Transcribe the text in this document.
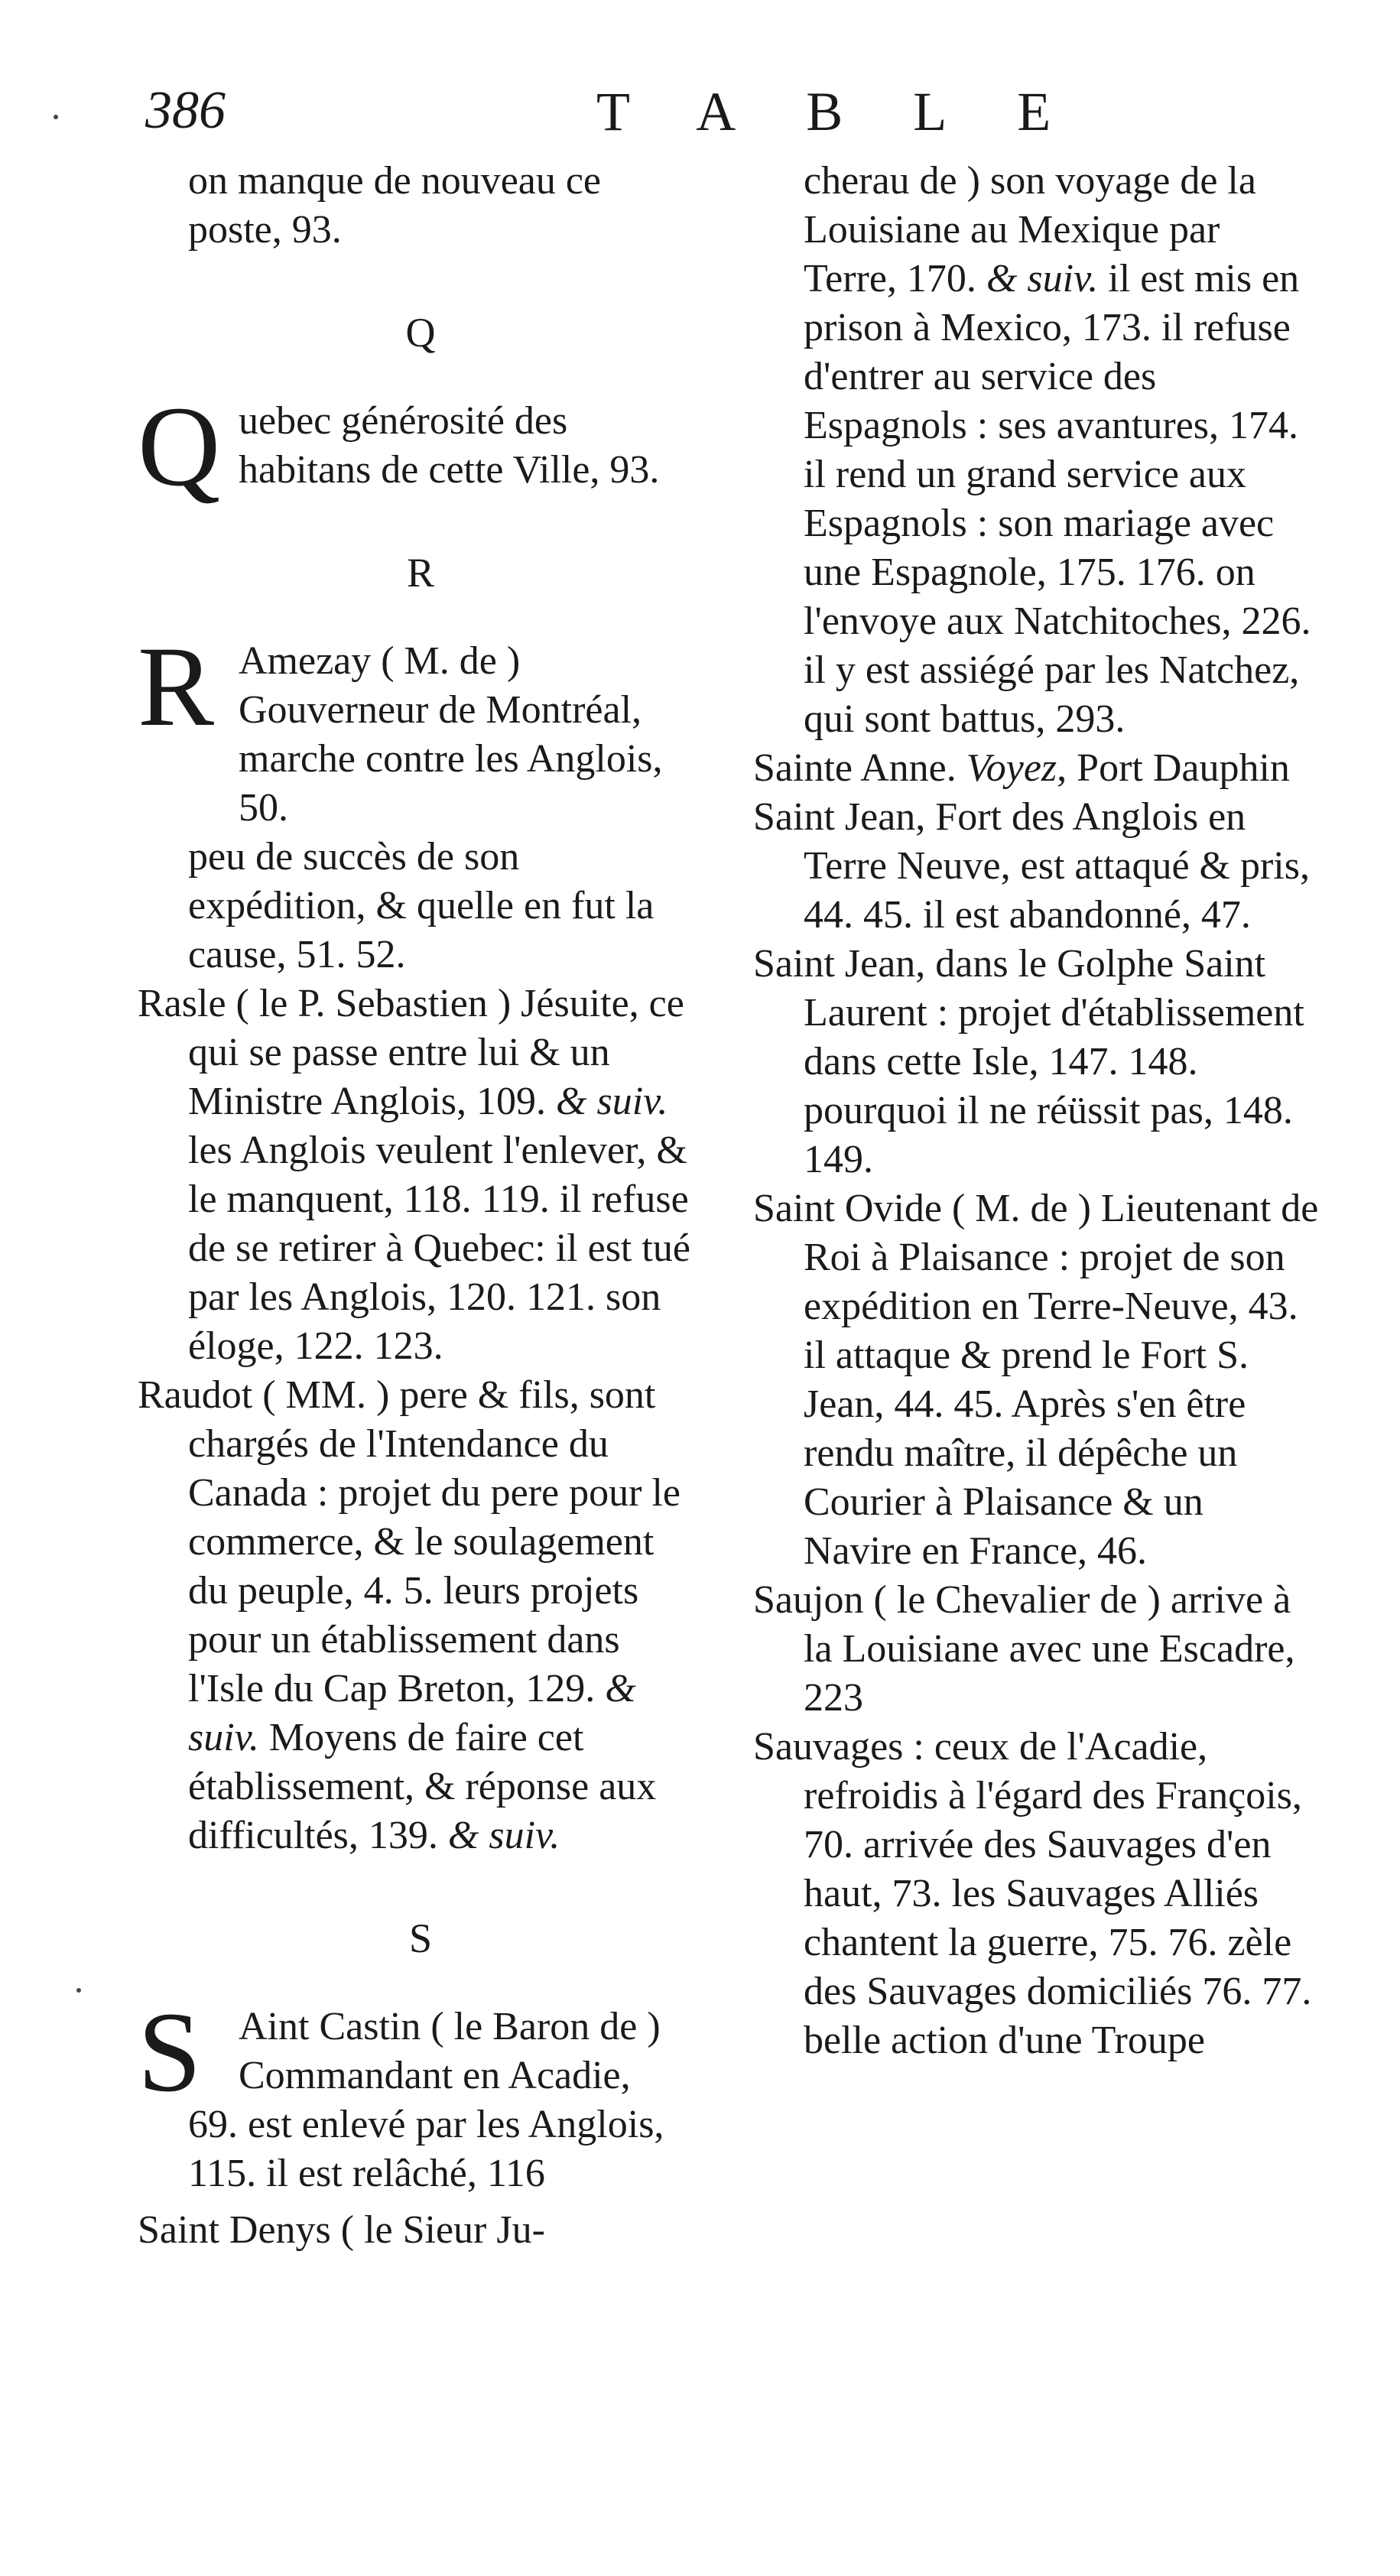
386	TABLE

on manque de nouveau ce poste, 93.

Q
Q uebec générosité des habitans de cette Ville, 93.
R
R Amezay ( M. de ) Gouverneur de Montréal, marche contre les Anglois, 50.
peu de succès de son expédition, & quelle en fut la cause, 51. 52.

Rasle ( le P. Sebastien ) Jésuite, ce qui se passe entre lui & un Ministre Anglois, 109. & suiv. les Anglois veulent l'enlever, & le manquent, 118. 119. il refuse de se retirer à Quebec: il est tué par les Anglois, 120. 121. son éloge, 122. 123.

Raudot ( MM. ) pere & fils, sont chargés de l'Intendance du Canada : projet du pere pour le commerce, & le soulagement du peuple, 4. 5. leurs projets pour un établissement dans l'Isle du Cap Breton, 129. & suiv. Moyens de faire cet établissement, & réponse aux difficultés, 139. & suiv.

S
S Aint Castin ( le Baron de ) Commandant en Acadie,
69. est enlevé par les Anglois, 115. il est relâché, 116

Saint Denys ( le Sieur Ju-

cherau de ) son voyage de la Louisiane au Mexique par Terre, 170. & suiv. il est mis en prison à Mexico, 173. il refuse d'entrer au service des Espagnols : ses avantures, 174. il rend un grand service aux Espagnols : son mariage avec une Espagnole, 175. 176. on l'envoye aux Natchitoches, 226. il y est assiégé par les Natchez, qui sont battus, 293.

Sainte Anne. Voyez, Port Dauphin

Saint Jean, Fort des Anglois en Terre Neuve, est attaqué & pris, 44. 45. il est abandonné, 47.

Saint Jean, dans le Golphe Saint Laurent : projet d'établissement dans cette Isle, 147. 148. pourquoi il ne réüssit pas, 148. 149.

Saint Ovide ( M. de ) Lieutenant de Roi à Plaisance : projet de son expédition en Terre-Neuve, 43. il attaque & prend le Fort S. Jean, 44. 45. Après s'en être rendu maître, il dépêche un Courier à Plaisance & un Navire en France, 46.

Saujon ( le Chevalier de ) arrive à la Louisiane avec une Escadre, 223

Sauvages : ceux de l'Acadie, refroidis à l'égard des François, 70. arrivée des Sauvages d'en haut, 73. les Sauvages Alliés chantent la guerre, 75. 76. zèle des Sauvages domiciliés 76. 77. belle action d'une Troupe
